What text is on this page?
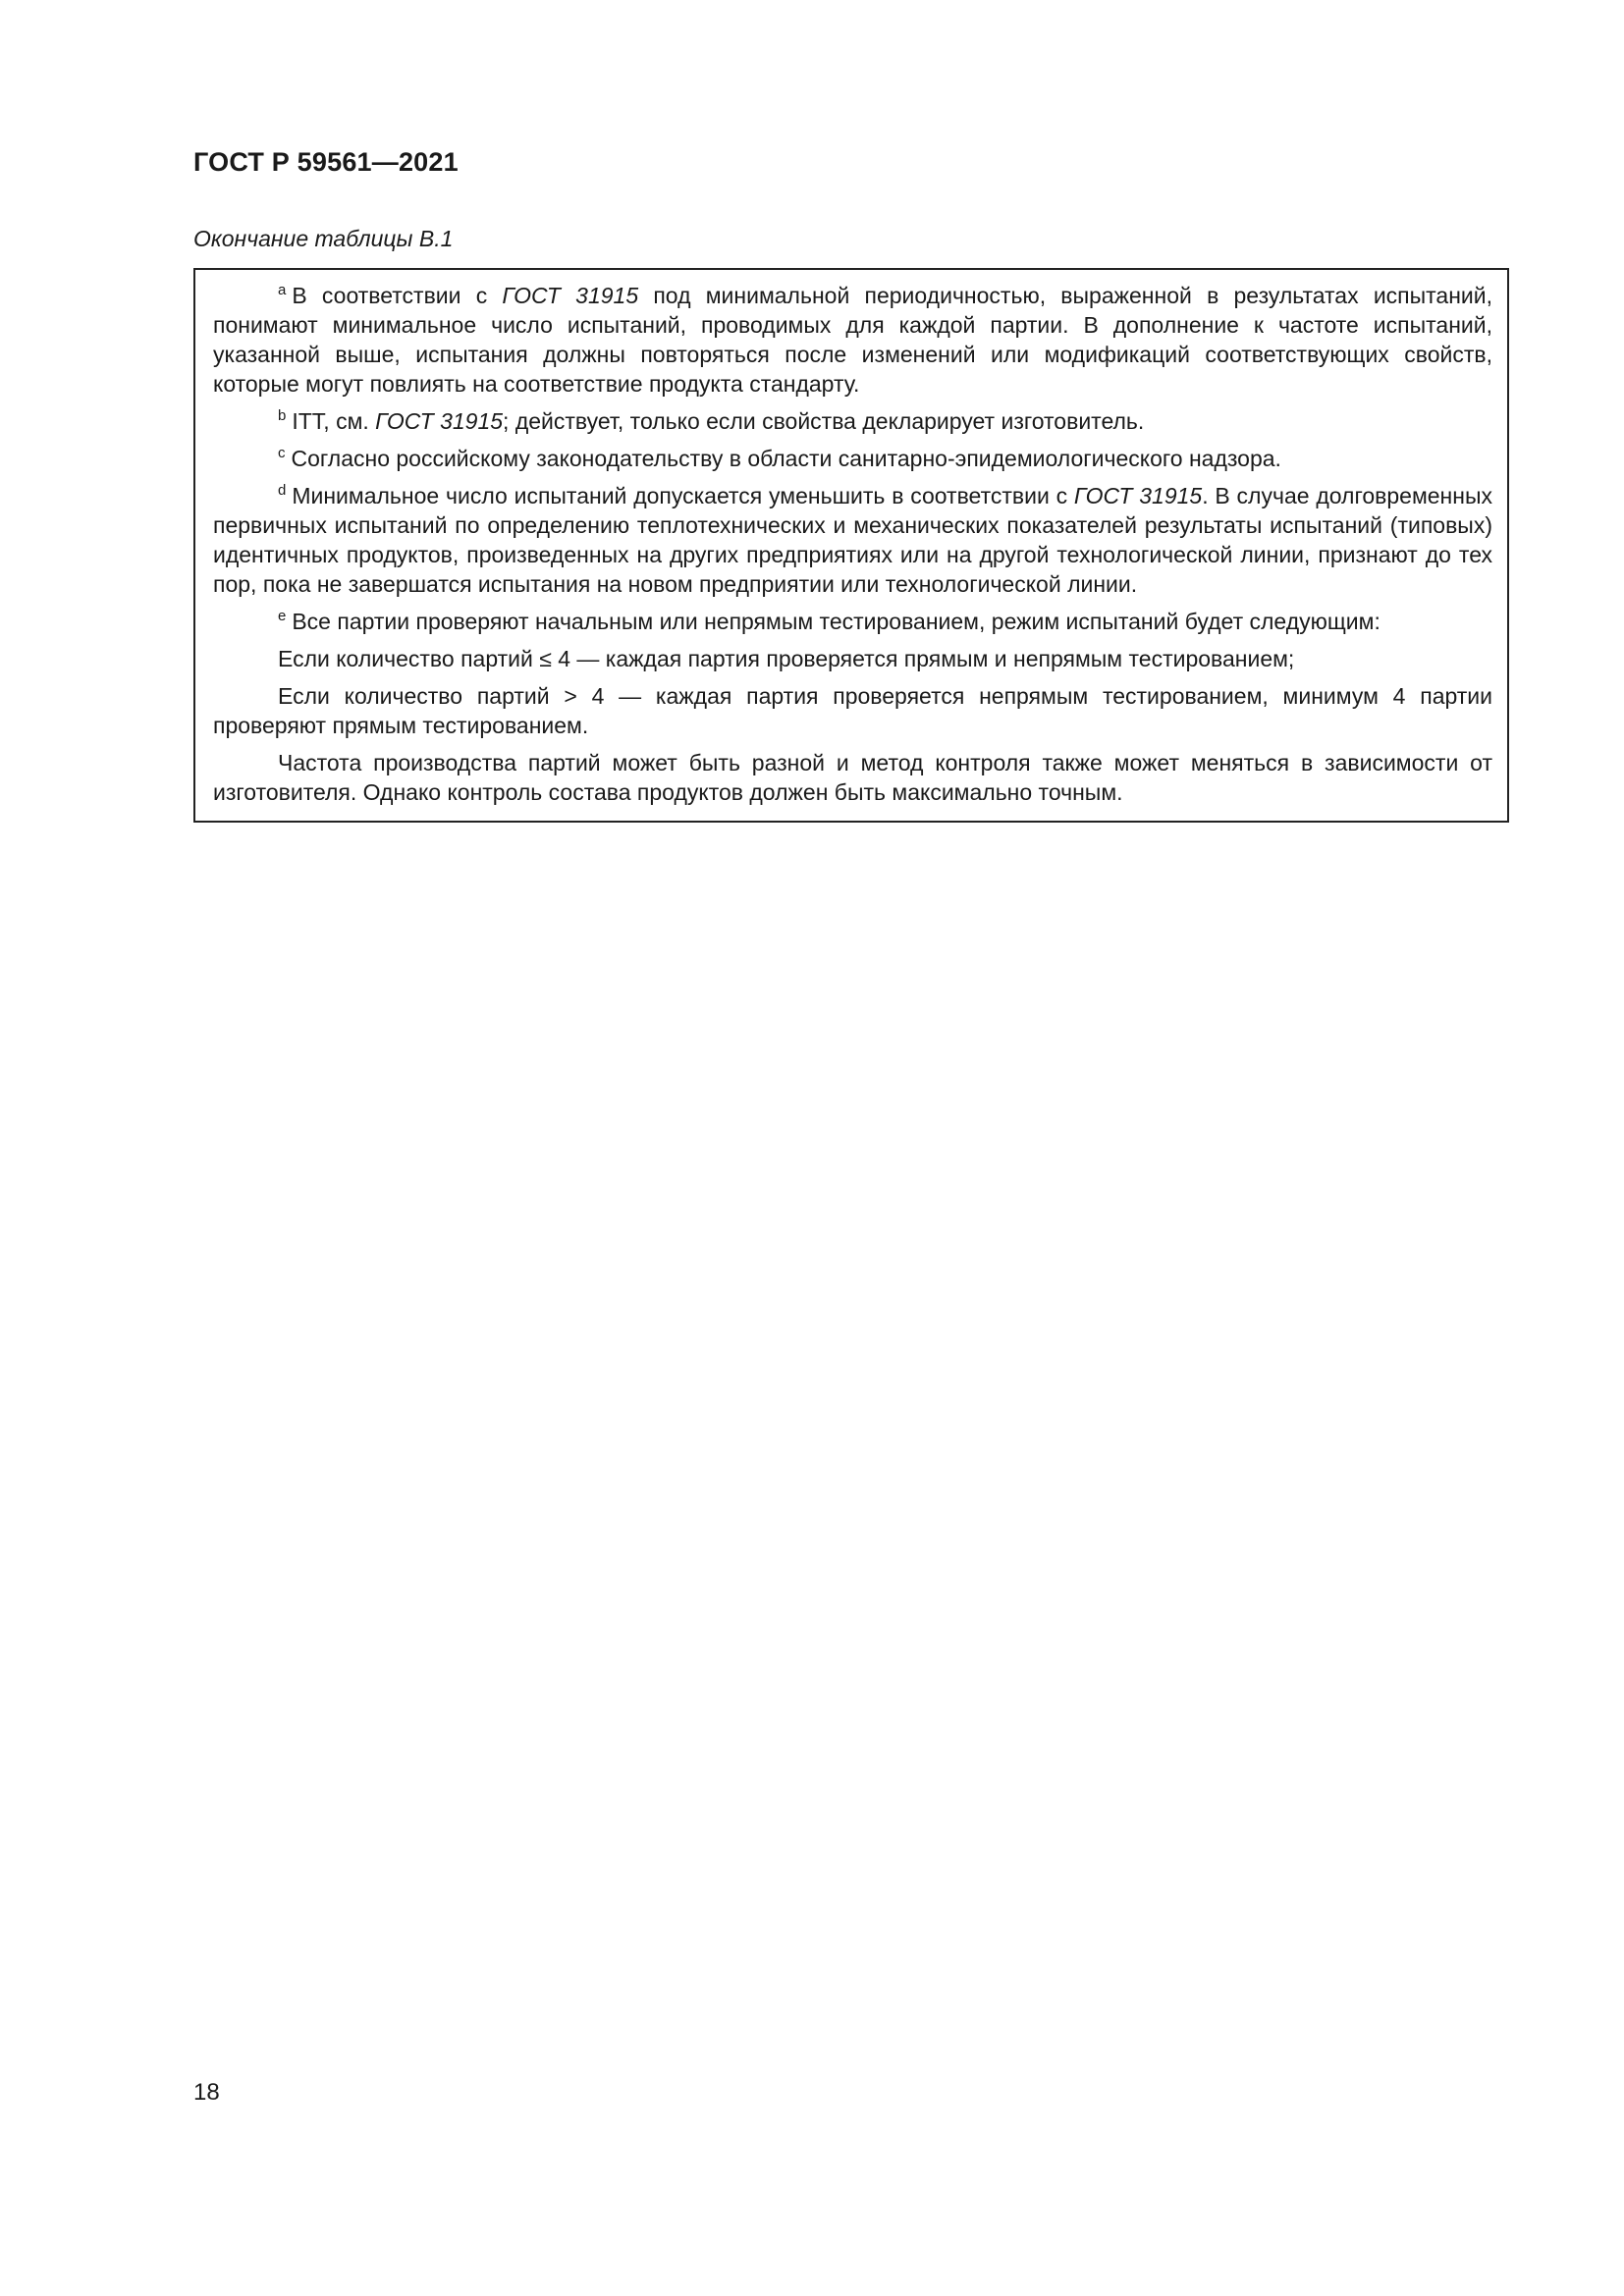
ГОСТ Р 59561—2021
Окончание таблицы В.1

$^a$ В соответствии с ГОСТ 31915 под минимальной периодичностью, выраженной в результатах испытаний, понимают минимальное число испытаний, проводимых для каждой партии. В дополнение к частоте испытаний, указанной выше, испытания должны повторяться после изменений или модификаций соответствующих свойств, которые могут повлиять на соответствие продукта стандарту.

$^b$ ITT, см. ГОСТ 31915; действует, только если свойства декларирует изготовитель.

$^c$ Согласно российскому законодательству в области санитарно-эпидемиологического надзора.

$^d$ Минимальное число испытаний допускается уменьшить в соответствии с ГОСТ 31915. В случае долговременных первичных испытаний по определению теплотехнических и механических показателей результаты испытаний (типовых) идентичных продуктов, произведенных на других предприятиях или на другой технологической линии, признают до тех пор, пока не завершатся испытания на новом предприятии или технологической линии.

$^e$ Все партии проверяют начальным или непрямым тестированием, режим испытаний будет следующим:

Если количество партий ≤ 4 — каждая партия проверяется прямым и непрямым тестированием;

Если количество партий > 4 — каждая партия проверяется непрямым тестированием, минимум 4 партии проверяют прямым тестированием.

Частота производства партий может быть разной и метод контроля также может меняться в зависимости от изготовителя. Однако контроль состава продуктов должен быть максимально точным.

18
